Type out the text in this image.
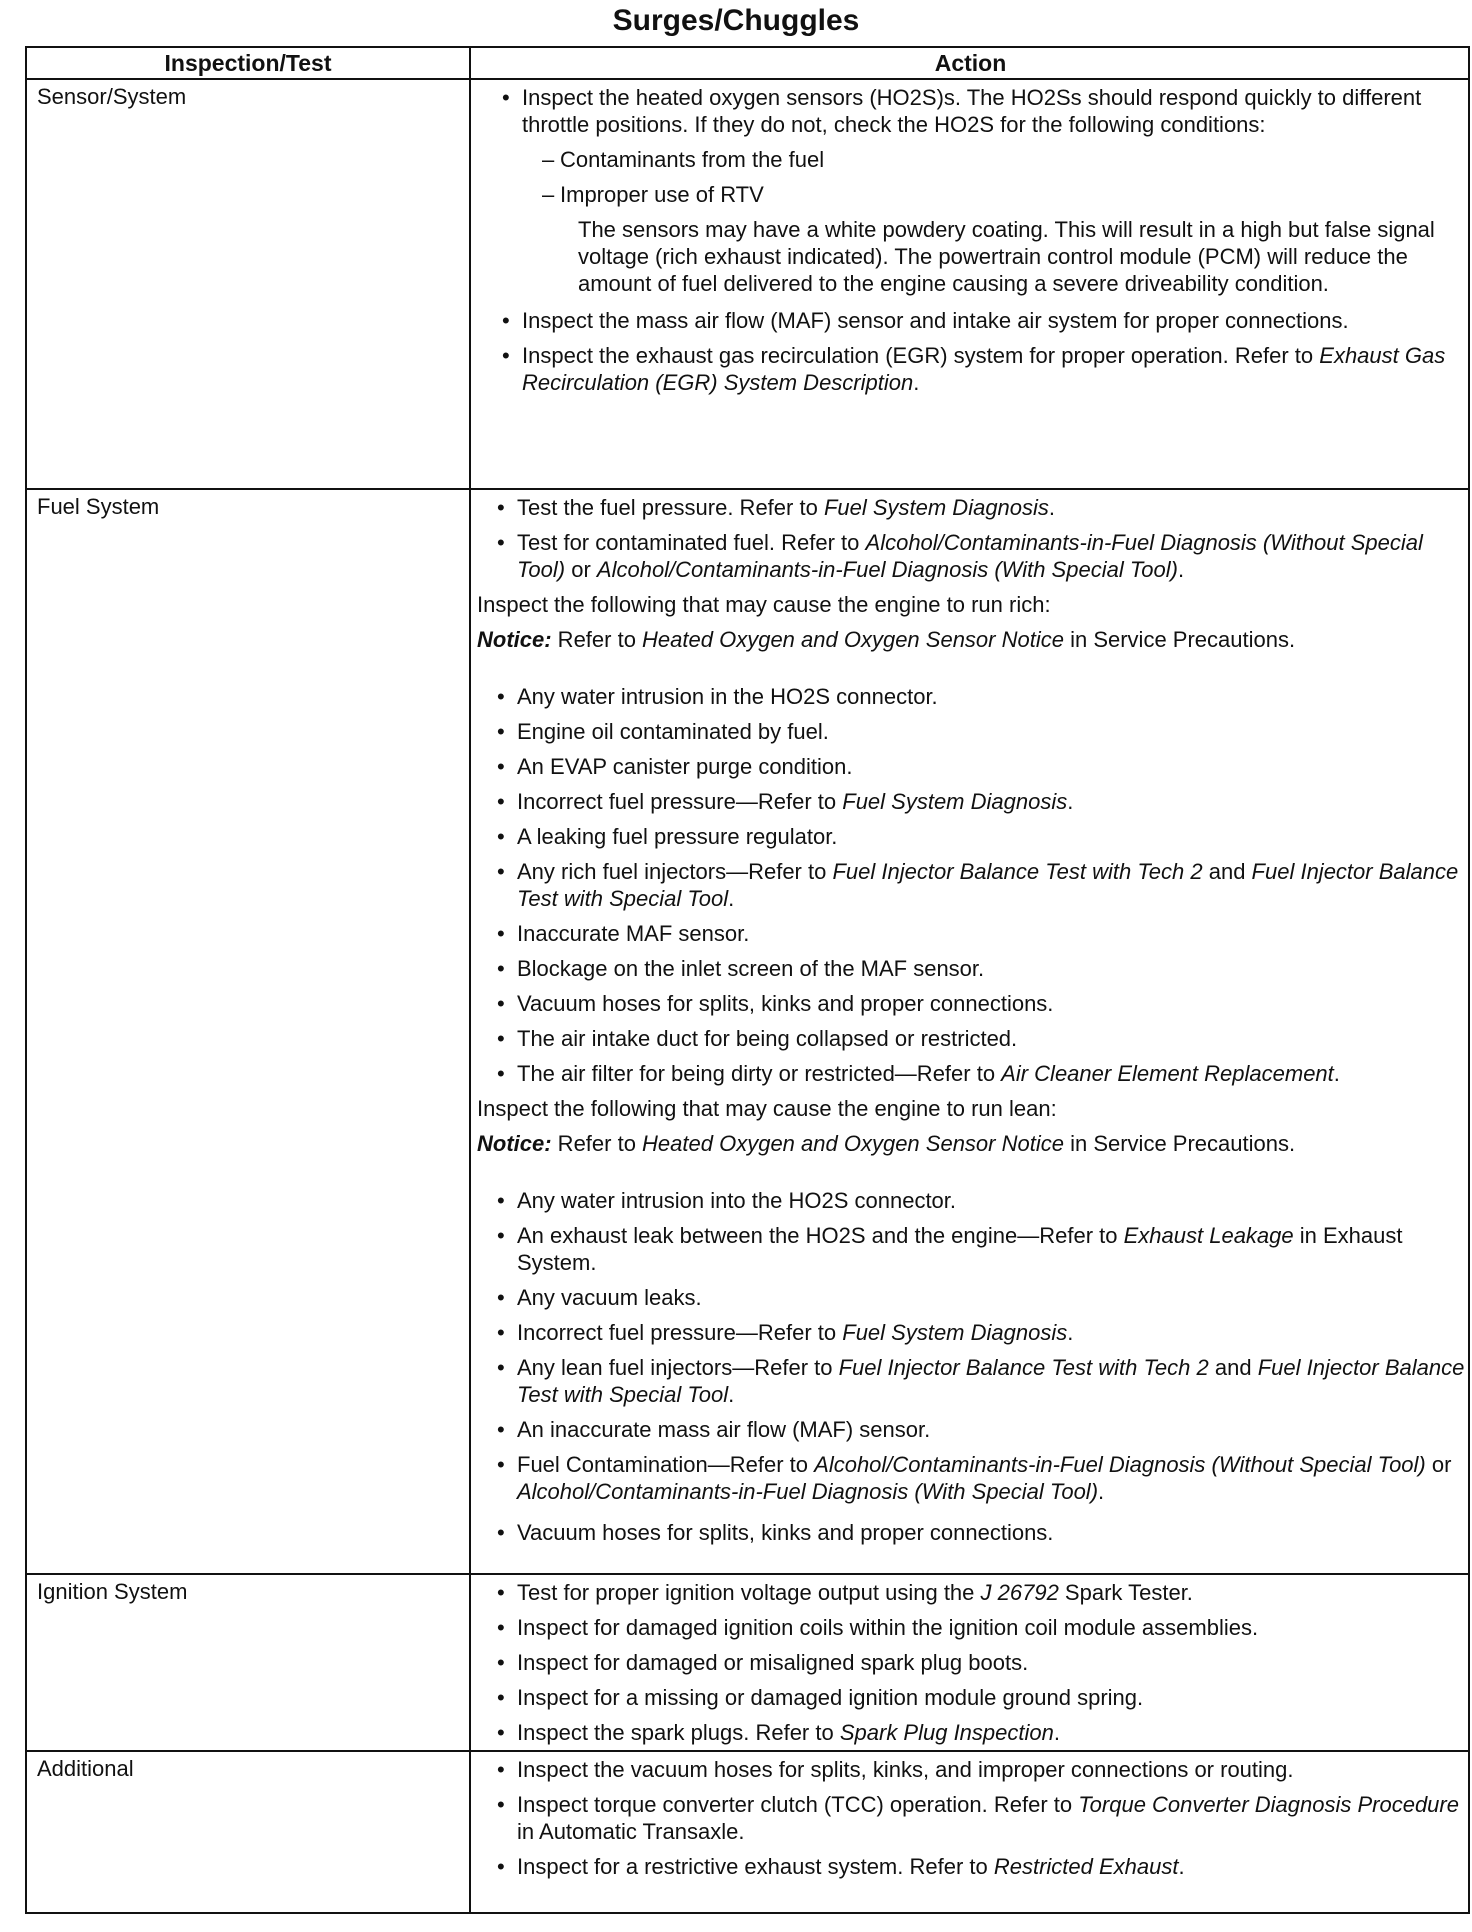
Surges/Chuggles
Inspection/Test	Action
Sensor/System	• Inspect the heated oxygen sensors (HO2S)s. The HO2Ss should respond quickly to different throttle positions. If they do not, check the HO2S for the following conditions:
– Contaminants from the fuel
– Improper use of RTV
The sensors may have a white powdery coating. This will result in a high but false signal voltage (rich exhaust indicated). The powertrain control module (PCM) will reduce the amount of fuel delivered to the engine causing a severe driveability condition.
• Inspect the mass air flow (MAF) sensor and intake air system for proper connections.
• Inspect the exhaust gas recirculation (EGR) system for proper operation. Refer to Exhaust Gas Recirculation (EGR) System Description.
Fuel System	• Test the fuel pressure. Refer to Fuel System Diagnosis.
• Test for contaminated fuel. Refer to Alcohol/Contaminants-in-Fuel Diagnosis (Without Special Tool) or Alcohol/Contaminants-in-Fuel Diagnosis (With Special Tool).
Inspect the following that may cause the engine to run rich:
Notice: Refer to Heated Oxygen and Oxygen Sensor Notice in Service Precautions.
• Any water intrusion in the HO2S connector.
• Engine oil contaminated by fuel.
• An EVAP canister purge condition.
• Incorrect fuel pressure—Refer to Fuel System Diagnosis.
• A leaking fuel pressure regulator.
• Any rich fuel injectors—Refer to Fuel Injector Balance Test with Tech 2 and Fuel Injector Balance Test with Special Tool.
• Inaccurate MAF sensor.
• Blockage on the inlet screen of the MAF sensor.
• Vacuum hoses for splits, kinks and proper connections.
• The air intake duct for being collapsed or restricted.
• The air filter for being dirty or restricted—Refer to Air Cleaner Element Replacement.
Inspect the following that may cause the engine to run lean:
Notice: Refer to Heated Oxygen and Oxygen Sensor Notice in Service Precautions.
• Any water intrusion into the HO2S connector.
• An exhaust leak between the HO2S and the engine—Refer to Exhaust Leakage in Exhaust System.
• Any vacuum leaks.
• Incorrect fuel pressure—Refer to Fuel System Diagnosis.
• Any lean fuel injectors—Refer to Fuel Injector Balance Test with Tech 2 and Fuel Injector Balance Test with Special Tool.
• An inaccurate mass air flow (MAF) sensor.
• Fuel Contamination—Refer to Alcohol/Contaminants-in-Fuel Diagnosis (Without Special Tool) or Alcohol/Contaminants-in-Fuel Diagnosis (With Special Tool).
• Vacuum hoses for splits, kinks and proper connections.
Ignition System	• Test for proper ignition voltage output using the J 26792 Spark Tester.
• Inspect for damaged ignition coils within the ignition coil module assemblies.
• Inspect for damaged or misaligned spark plug boots.
• Inspect for a missing or damaged ignition module ground spring.
• Inspect the spark plugs. Refer to Spark Plug Inspection.
Additional	• Inspect the vacuum hoses for splits, kinks, and improper connections or routing.
• Inspect torque converter clutch (TCC) operation. Refer to Torque Converter Diagnosis Procedure in Automatic Transaxle.
• Inspect for a restrictive exhaust system. Refer to Restricted Exhaust.
